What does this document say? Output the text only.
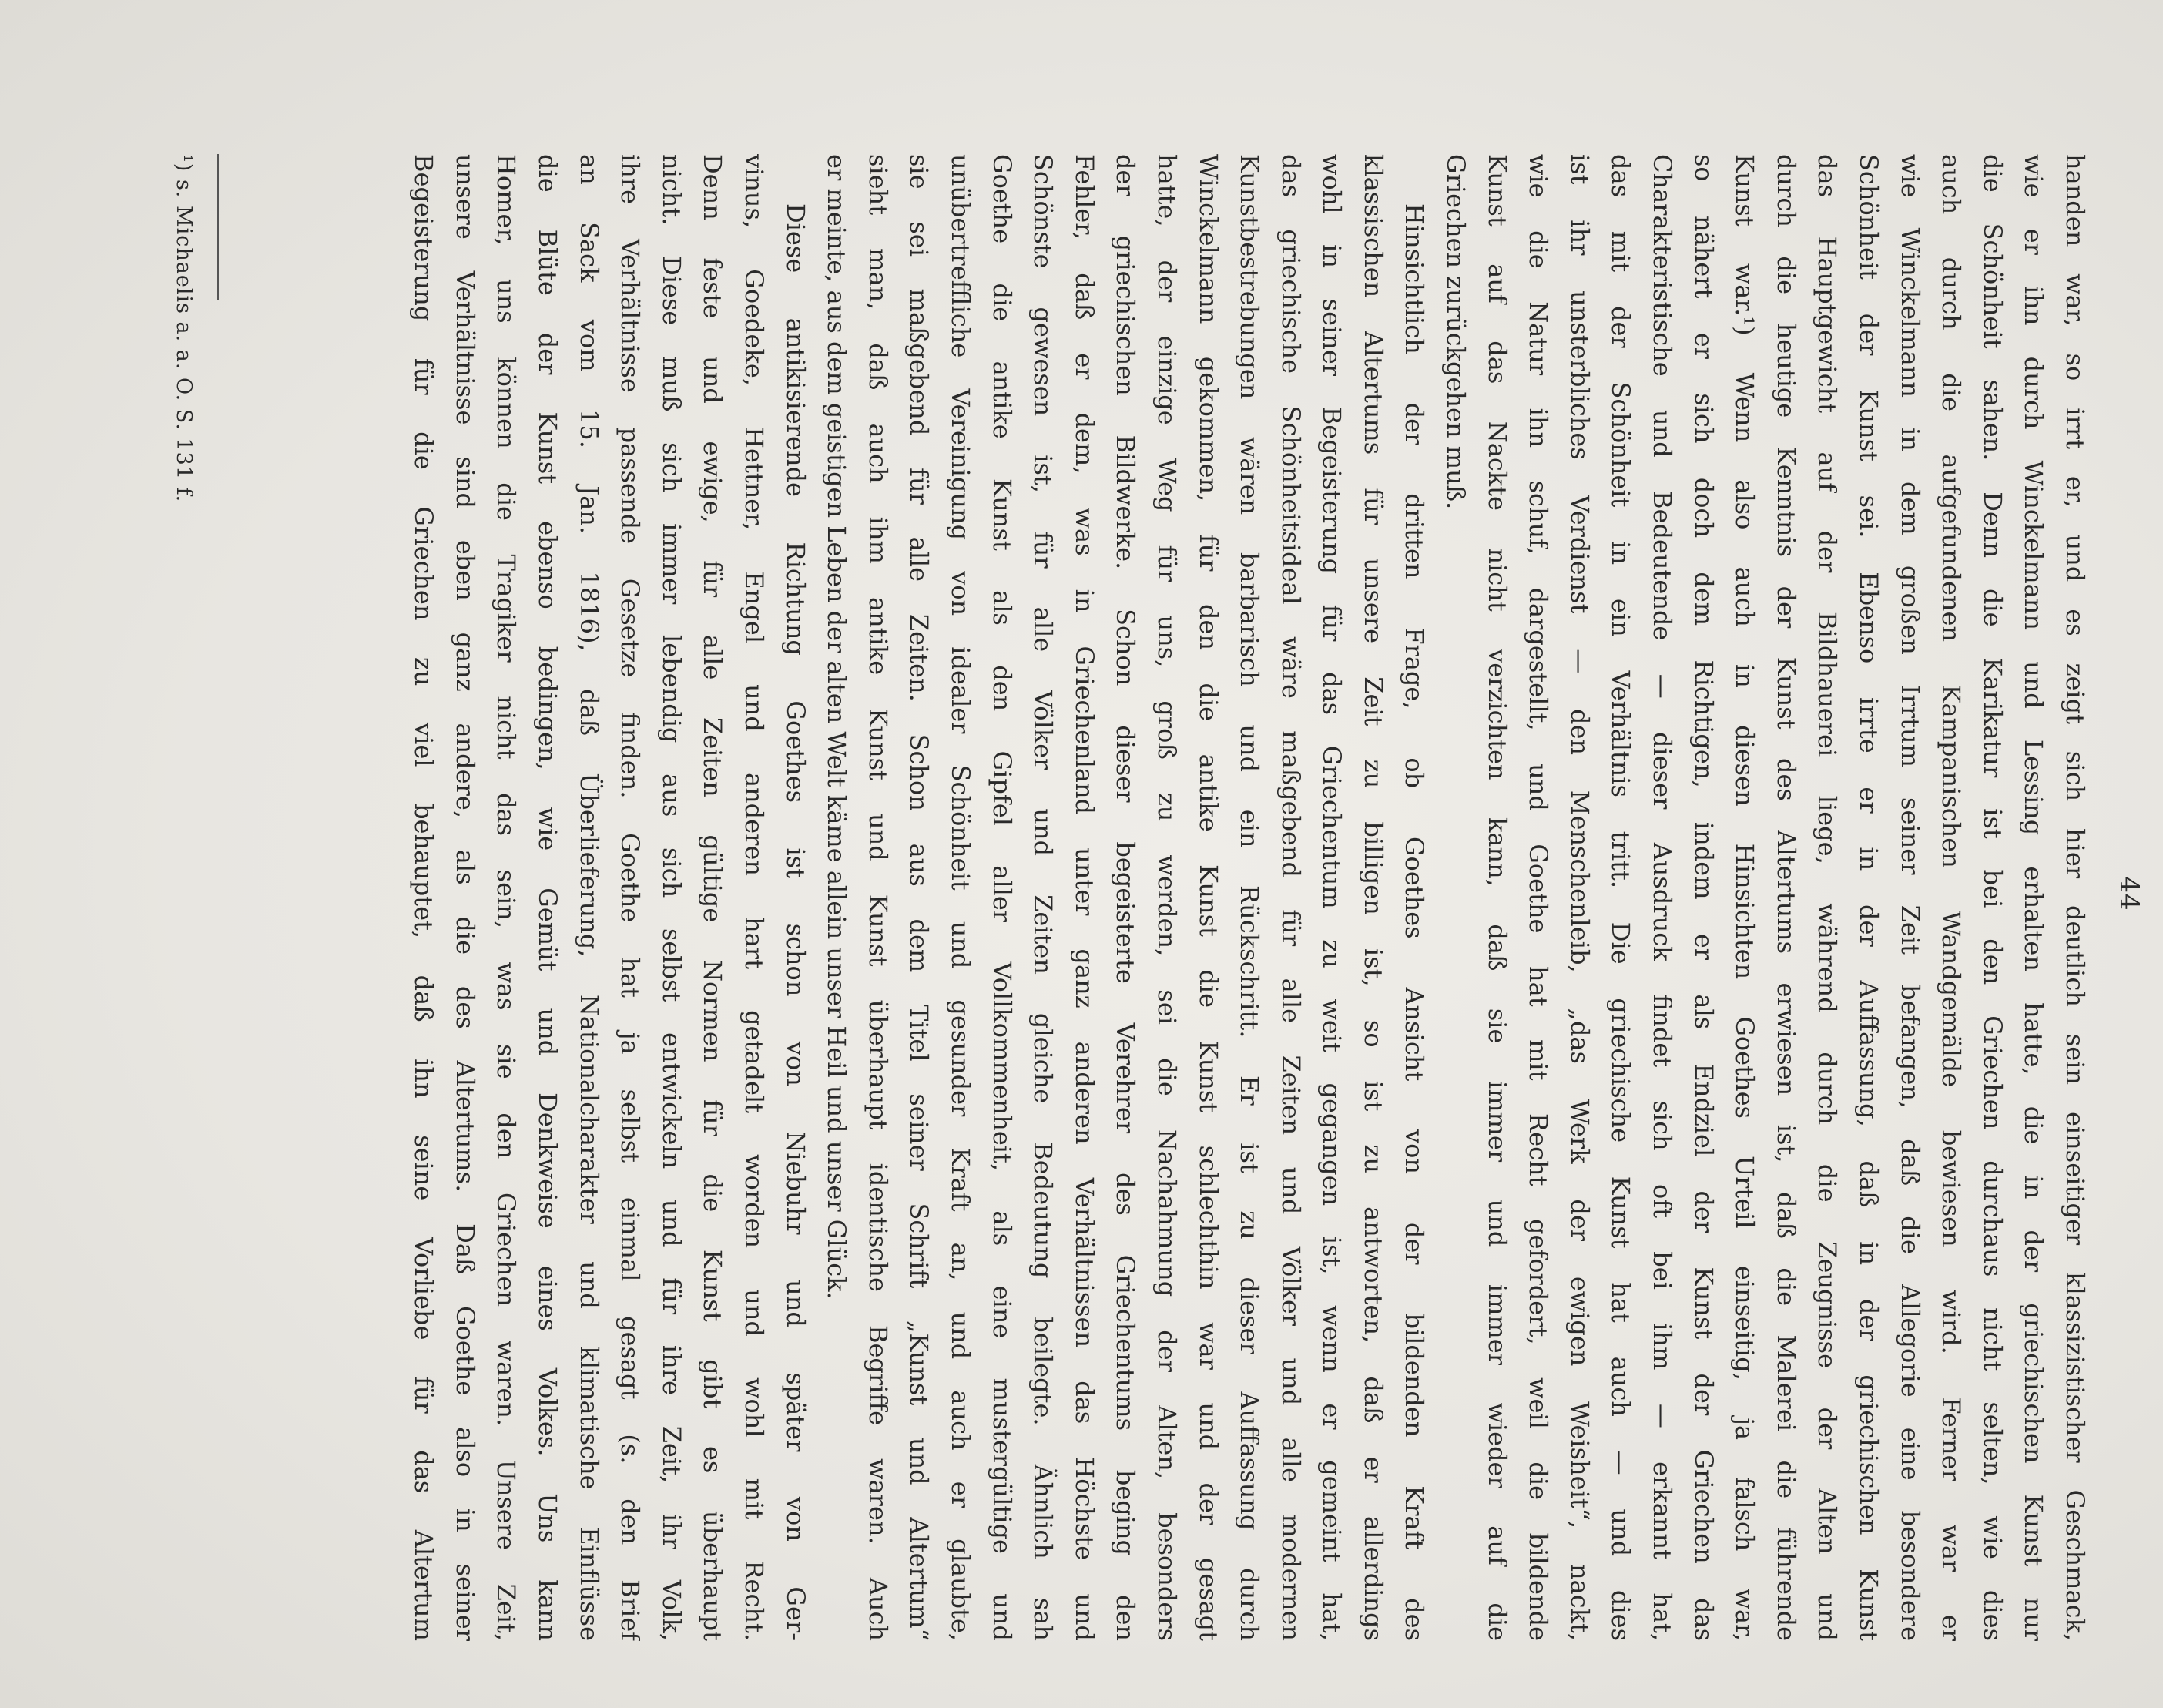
44
handen war, so irrt er, und es zeigt sich hier deutlich sein einseitiger klassizistischer Geschmack,
wie er ihn durch Winckelmann und Lessing erhalten hatte, die in der griechischen Kunst nur
die Schönheit sahen. Denn die Karikatur ist bei den Griechen durchaus nicht selten, wie dies
auch durch die aufgefundenen Kampanischen Wandgemälde bewiesen wird. Ferner war er
wie Winckelmann in dem großen Irrtum seiner Zeit befangen, daß die Allegorie eine besondere
Schönheit der Kunst sei. Ebenso irrte er in der Auffassung, daß in der griechischen Kunst
das Hauptgewicht auf der Bildhauerei liege, während durch die Zeugnisse der Alten und
durch die heutige Kenntnis der Kunst des Altertums erwiesen ist, daß die Malerei die führende
Kunst war.¹) Wenn also auch in diesen Hinsichten Goethes Urteil einseitig, ja falsch war,
so nähert er sich doch dem Richtigen, indem er als Endziel der Kunst der Griechen das
Charakteristische und Bedeutende — dieser Ausdruck findet sich oft bei ihm — erkannt hat,
das mit der Schönheit in ein Verhältnis tritt. Die griechische Kunst hat auch — und dies
ist ihr unsterbliches Verdienst — den Menschenleib, „das Werk der ewigen Weisheit“, nackt,
wie die Natur ihn schuf, dargestellt, und Goethe hat mit Recht gefordert, weil die bildende
Kunst auf das Nackte nicht verzichten kann, daß sie immer und immer wieder auf die
Griechen zurückgehen muß.
Hinsichtlich der dritten Frage, ob Goethes Ansicht von der bildenden Kraft des
klassischen Altertums für unsere Zeit zu billigen ist, so ist zu antworten, daß er allerdings
wohl in seiner Begeisterung für das Griechentum zu weit gegangen ist, wenn er gemeint hat,
das griechische Schönheitsideal wäre maßgebend für alle Zeiten und Völker und alle modernen
Kunstbestrebungen wären barbarisch und ein Rückschritt. Er ist zu dieser Auffassung durch
Winckelmann gekommen, für den die antike Kunst die Kunst schlechthin war und der gesagt
hatte, der einzige Weg für uns, groß zu werden, sei die Nachahmung der Alten, besonders
der griechischen Bildwerke. Schon dieser begeisterte Verehrer des Griechentums beging den
Fehler, daß er dem, was in Griechenland unter ganz anderen Verhältnissen das Höchste und
Schönste gewesen ist, für alle Völker und Zeiten gleiche Bedeutung beilegte. Ähnlich sah
Goethe die antike Kunst als den Gipfel aller Vollkommenheit, als eine mustergültige und
unübertreffliche Vereinigung von idealer Schönheit und gesunder Kraft an, und auch er glaubte,
sie sei maßgebend für alle Zeiten. Schon aus dem Titel seiner Schrift „Kunst und Altertum“
sieht man, daß auch ihm antike Kunst und Kunst überhaupt identische Begriffe waren. Auch
er meinte, aus dem geistigen Leben der alten Welt käme allein unser Heil und unser Glück.
Diese antikisierende Richtung Goethes ist schon von Niebuhr und später von Ger-
vinus, Goedeke, Hettner, Engel und anderen hart getadelt worden und wohl mit Recht.
Denn feste und ewige, für alle Zeiten gültige Normen für die Kunst gibt es überhaupt
nicht. Diese muß sich immer lebendig aus sich selbst entwickeln und für ihre Zeit, ihr Volk,
ihre Verhältnisse passende Gesetze finden. Goethe hat ja selbst einmal gesagt (s. den Brief
an Sack vom 15. Jan. 1816), daß Überlieferung, Nationalcharakter und klimatische Einflüsse
die Blüte der Kunst ebenso bedingen, wie Gemüt und Denkweise eines Volkes. Uns kann
Homer, uns können die Tragiker nicht das sein, was sie den Griechen waren. Unsere Zeit,
unsere Verhältnisse sind eben ganz andere, als die des Altertums. Daß Goethe also in seiner
Begeisterung für die Griechen zu viel behauptet, daß ihn seine Vorliebe für das Altertum
¹) s. Michaelis a. a. O. S. 131 f.
